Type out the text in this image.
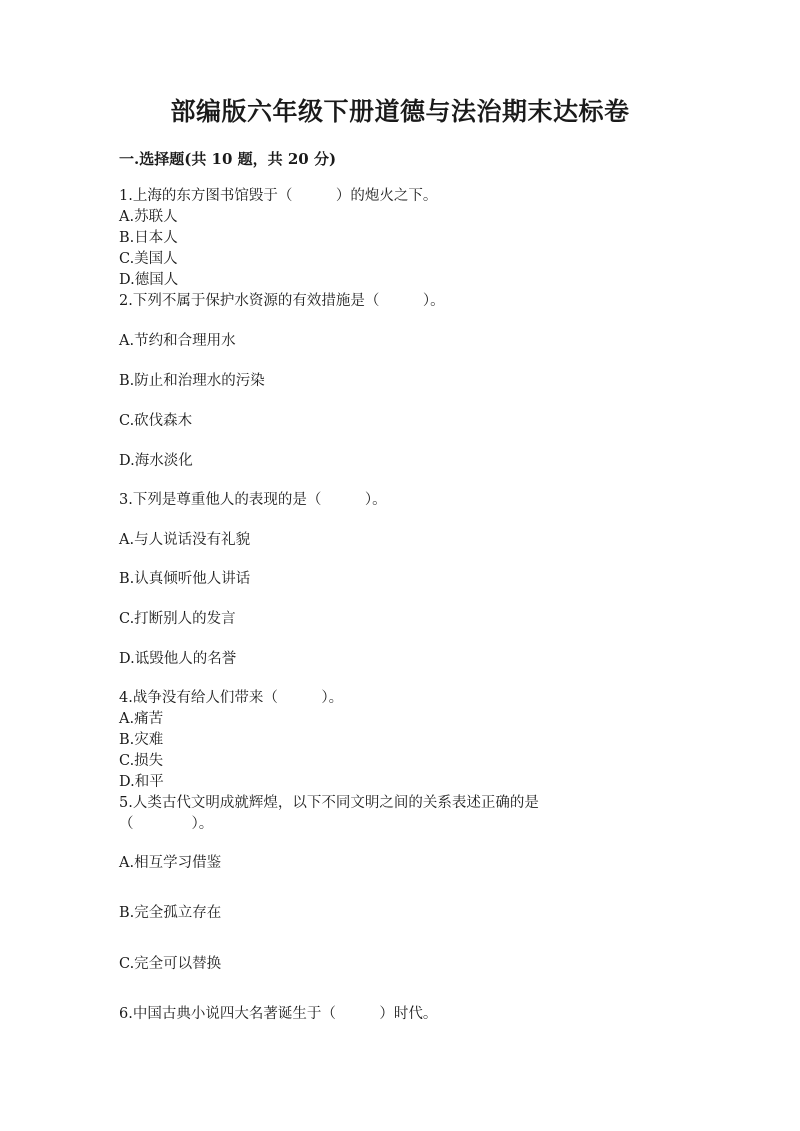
部编版六年级下册道德与法治期末达标卷
一.选择题(共 10 题，共 20 分)
1.上海的东方图书馆毁于（　　　）的炮火之下。
A.苏联人
B.日本人
C.美国人
D.德国人
2.下列不属于保护水资源的有效措施是（　　　）。
A.节约和合理用水
B.防止和治理水的污染
C.砍伐森木
D.海水淡化
3.下列是尊重他人的表现的是（　　　）。
A.与人说话没有礼貌
B.认真倾听他人讲话
C.打断别人的发言
D.诋毁他人的名誉
4.战争没有给人们带来（　　　）。
A.痛苦
B.灾难
C.损失
D.和平
5.人类古代文明成就辉煌，以下不同文明之间的关系表述正确的是
（　　　　）。
A.相互学习借鉴
B.完全孤立存在
C.完全可以替换
6.中国古典小说四大名著诞生于（　　　）时代。
